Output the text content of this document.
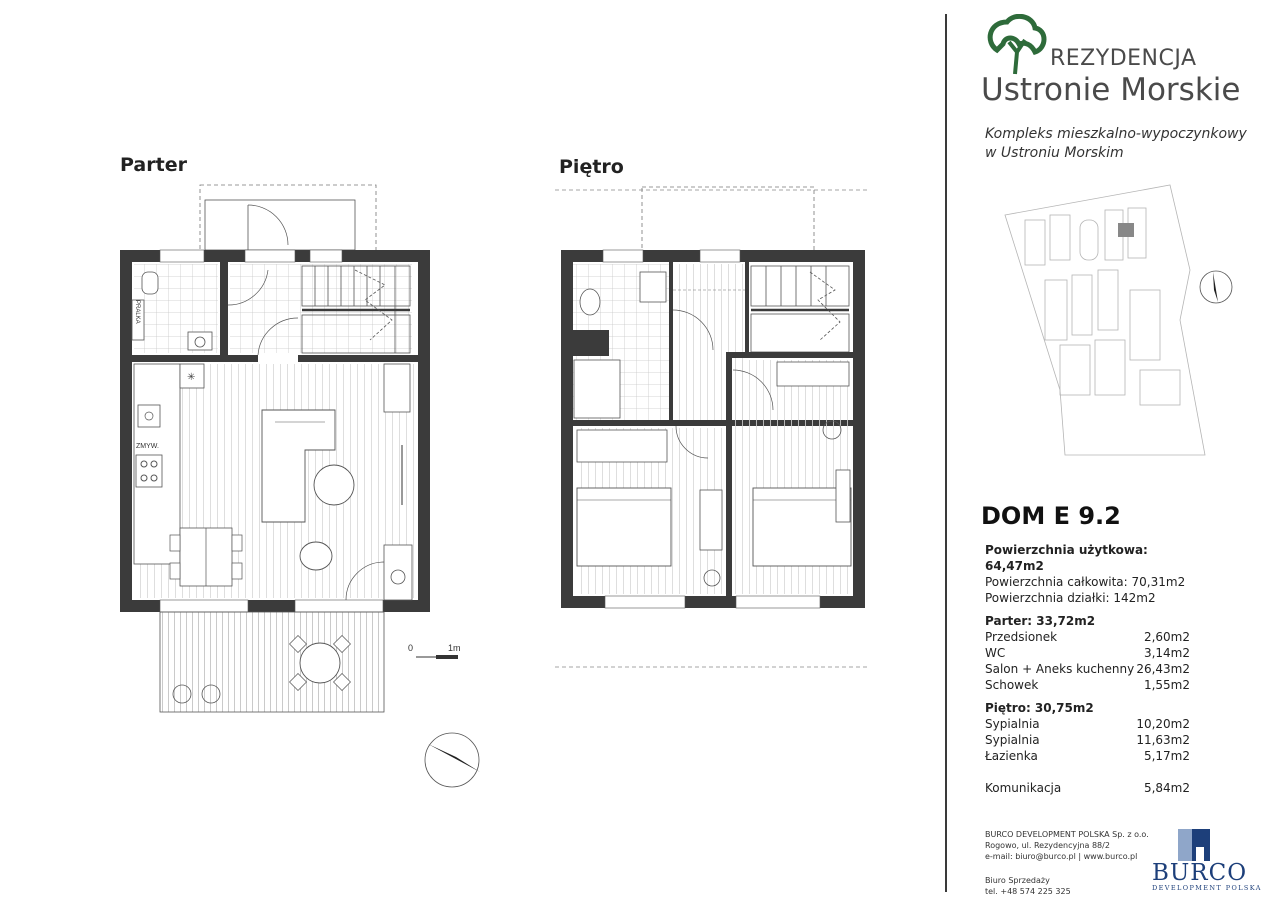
Parter	Piętro
✳
0	1m
ZMYW.
PRALKA
REZYDENCJA
Ustronie Morskie
Kompleks mieszkalno-wypoczynkowy
w Ustroniu Morskim
DOM E 9.2
Powierzchnia użytkowa: 64,47m2
Powierzchnia całkowita: 70,31m2
Powierzchnia działki: 142m2
Parter: 33,72m2
Przedsionek	2,60m2
WC	3,14m2
Salon + Aneks kuchenny 26,43m2
Schowek	1,55m2
Piętro: 30,75m2
Sypialnia	10,20m2
Sypialnia	11,63m2
Łazienka	5,17m2
Komunikacja	5,84m2
BURCO DEVELOPMENT POLSKA Sp. z o.o.
Rogowo, ul. Rezydencyjna 88/2
e-mail: biuro@burco.pl | www.burco.pl
Biuro Sprzedaży
tel. +48 574 225 325
BURCO
DEVELOPMENT POLSKA
